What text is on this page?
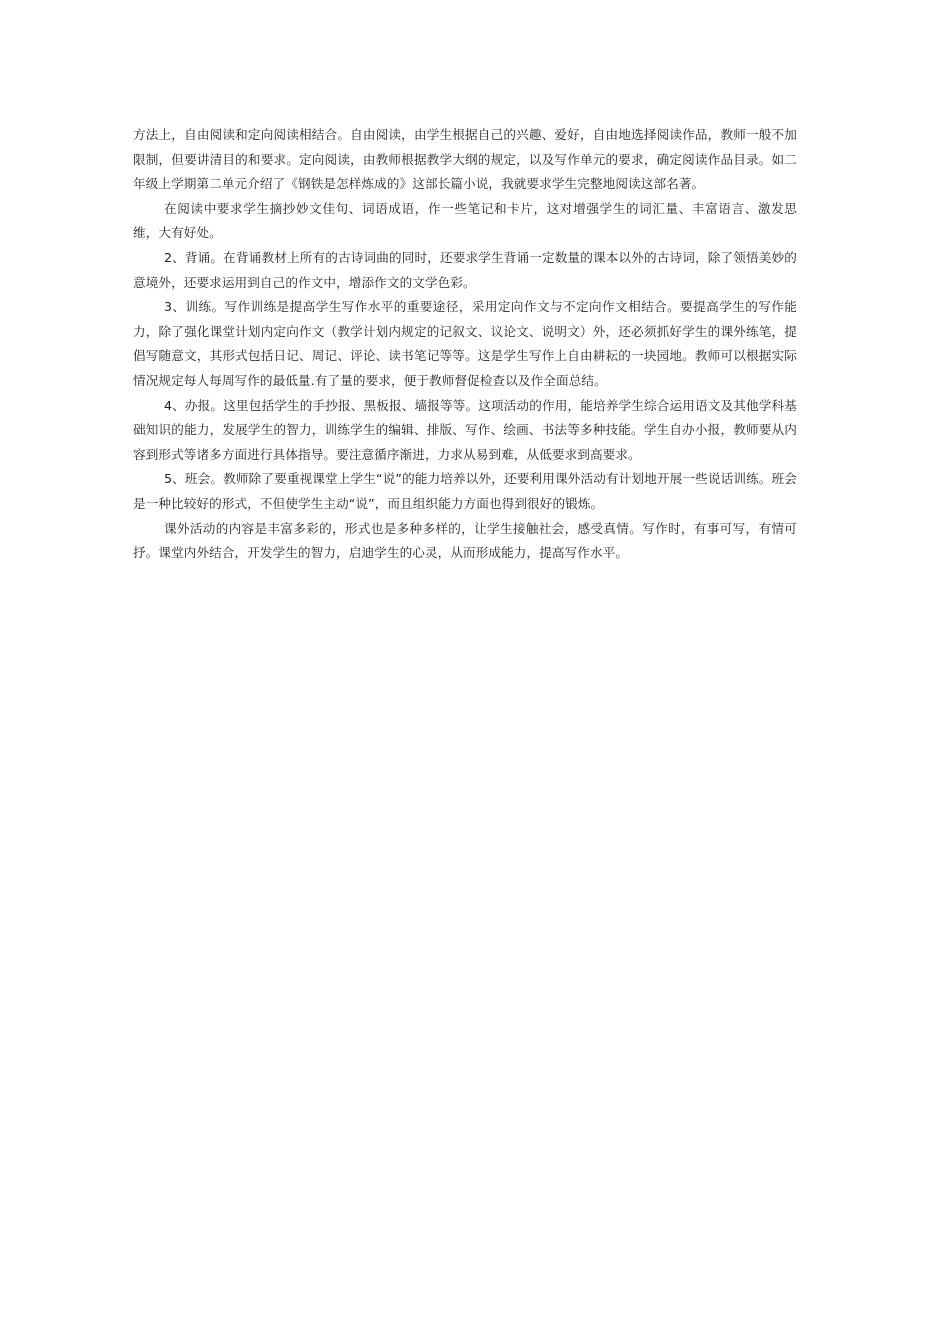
方法上，自由阅读和定向阅读相结合。自由阅读，由学生根据自己的兴趣、爱好，自由地选择阅读作品，教师一般不加限制，但要讲清目的和要求。定向阅读，由教师根据教学大纲的规定，以及写作单元的要求，确定阅读作品目录。如二年级上学期第二单元介绍了《钢铁是怎样炼成的》这部长篇小说，我就要求学生完整地阅读这部名著。

在阅读中要求学生摘抄妙文佳句、词语成语，作一些笔记和卡片，这对增强学生的词汇量、丰富语言、激发思维，大有好处。

2、背诵。在背诵教材上所有的古诗词曲的同时，还要求学生背诵一定数量的课本以外的古诗词，除了领悟美妙的意境外，还要求运用到自己的作文中，增添作文的文学色彩。

3、训练。写作训练是提高学生写作水平的重要途径，采用定向作文与不定向作文相结合。要提高学生的写作能力，除了强化课堂计划内定向作文（教学计划内规定的记叙文、议论文、说明文）外，还必须抓好学生的课外练笔，提倡写随意文，其形式包括日记、周记、评论、读书笔记等等。这是学生写作上自由耕耘的一块园地。教师可以根据实际情况规定每人每周写作的最低量.有了量的要求，便于教师督促检查以及作全面总结。

4、办报。这里包括学生的手抄报、黑板报、墙报等等。这项活动的作用，能培养学生综合运用语文及其他学科基础知识的能力，发展学生的智力，训练学生的编辑、排版、写作、绘画、书法等多种技能。学生自办小报，教师要从内容到形式等诸多方面进行具体指导。要注意循序渐进，力求从易到难，从低要求到高要求。

5、班会。教师除了要重视课堂上学生“说”的能力培养以外，还要利用课外活动有计划地开展一些说话训练。班会是一种比较好的形式，不但使学生主动“说”，而且组织能力方面也得到很好的锻炼。

课外活动的内容是丰富多彩的，形式也是多种多样的，让学生接触社会，感受真情。写作时，有事可写，有情可抒。课堂内外结合，开发学生的智力，启迪学生的心灵，从而形成能力，提高写作水平。
